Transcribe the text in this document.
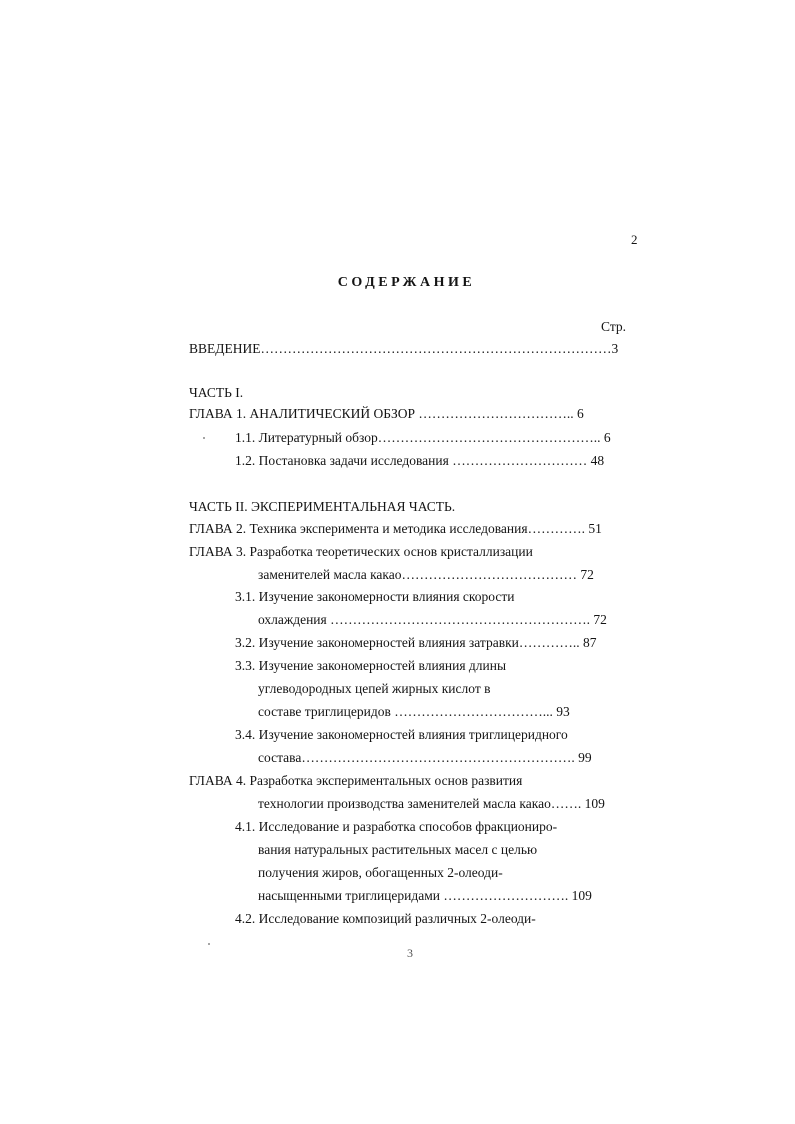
2
СОДЕРЖАНИЕ
Стр.
ВВЕДЕНИЕ……………………………………………………………………3
ЧАСТЬ I.
ГЛАВА 1. АНАЛИТИЧЕСКИЙ ОБЗОР …………………………….. 6
1.1. Литературный обзор………………………………………….. 6
1.2. Постановка задачи исследования ………………………… 48
ЧАСТЬ II. ЭКСПЕРИМЕНТАЛЬНАЯ ЧАСТЬ.
ГЛАВА 2. Техника эксперимента и методика исследования…………. 51
ГЛАВА 3. Разработка теоретических основ кристаллизации
заменителей масла какао………………………………… 72
3.1. Изучение закономерности влияния скорости
охлаждения …………………………………………………. 72
3.2. Изучение закономерностей влияния затравки………….. 87
3.3. Изучение закономерностей влияния длины
углеводородных цепей жирных кислот в
составе триглицеридов ……………………………... 93
3.4. Изучение закономерностей влияния триглицеридного
состава……………………………………………………. 99
ГЛАВА 4. Разработка экспериментальных основ развития
технологии производства заменителей масла какао……. 109
4.1. Исследование и разработка способов фракциониро-
вания натуральных растительных масел с целью
получения жиров, обогащенных 2-олеоди-
насыщенными триглицеридами ………………………. 109
4.2. Исследование композиций различных 2-олеоди-
3
